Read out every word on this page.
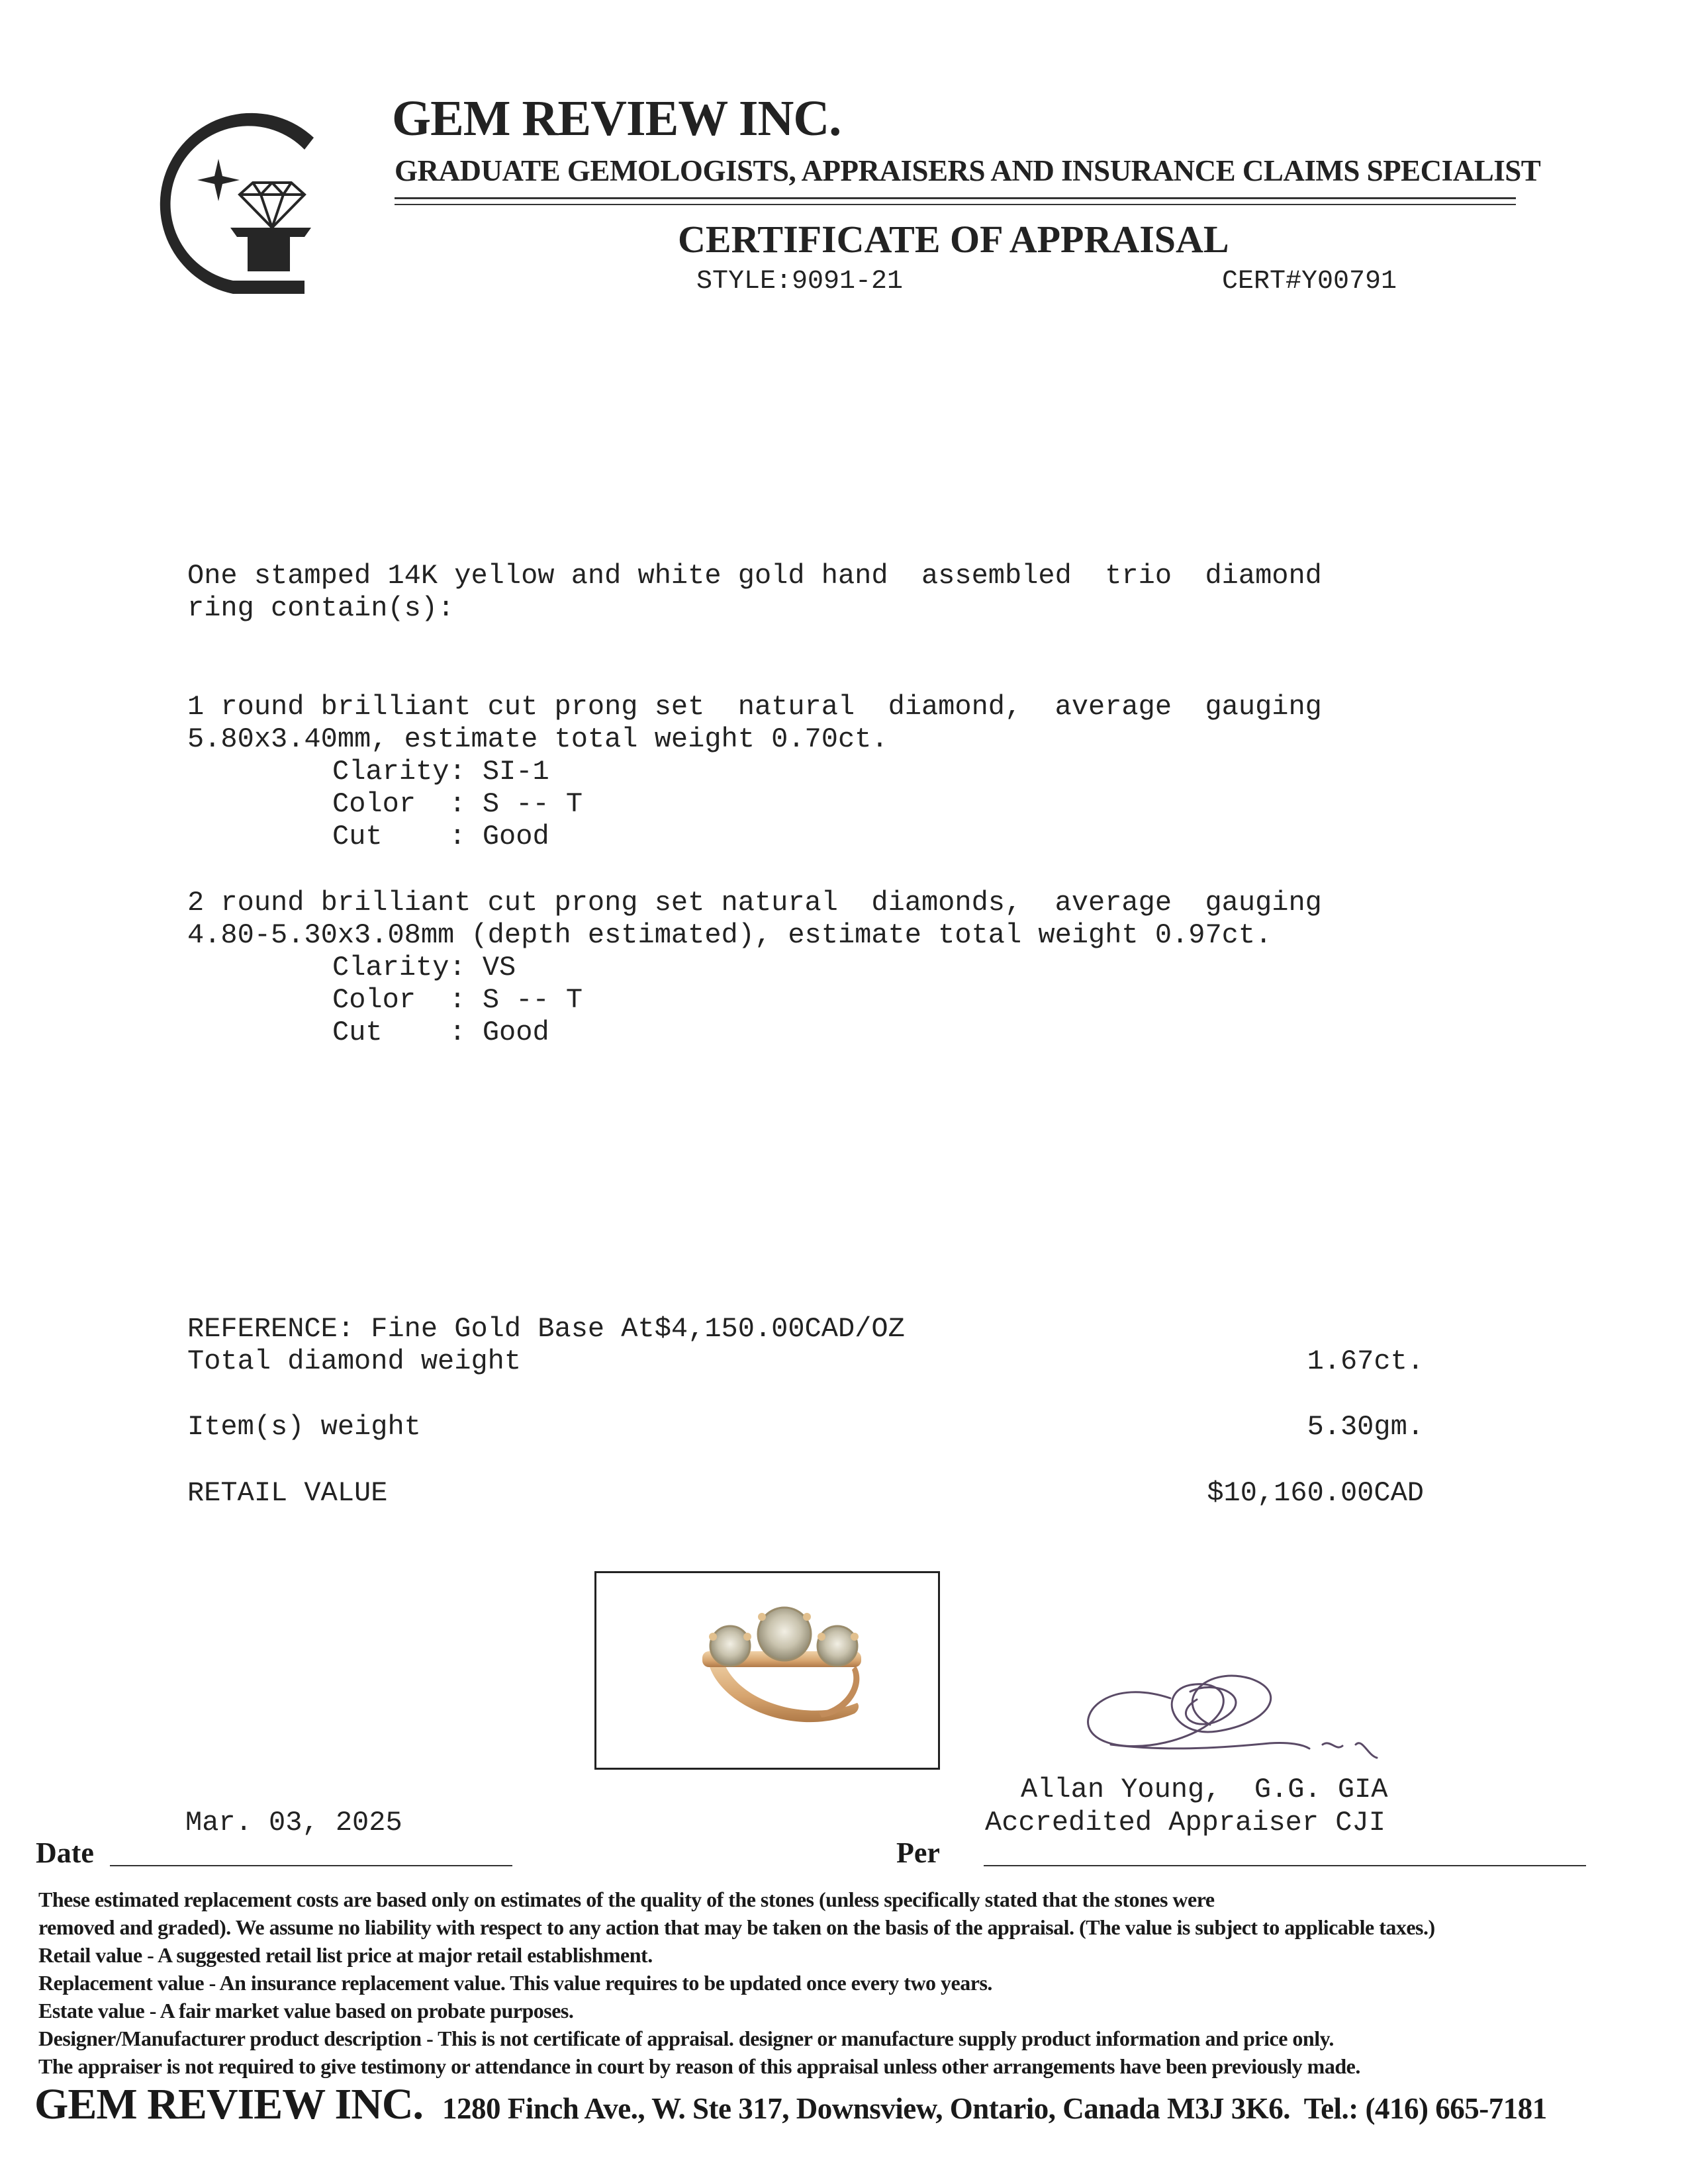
GEM REVIEW INC.
GRADUATE GEMOLOGISTS, APPRAISERS AND INSURANCE CLAIMS SPECIALIST
CERTIFICATE OF APPRAISAL
STYLE:9091-21	CERT#Y00791
One stamped 14K yellow and white gold hand  assembled  trio  diamond
ring contain(s):
1 round brilliant cut prong set  natural  diamond,  average  gauging
5.80x3.40mm, estimate total weight 0.70ct.
Clarity: SI-1
Color  : S -- T
Cut    : Good
2 round brilliant cut prong set natural  diamonds,  average  gauging
4.80-5.30x3.08mm (depth estimated), estimate total weight 0.97ct.
Clarity: VS
Color  : S -- T
Cut    : Good
REFERENCE: Fine Gold Base At$4,150.00CAD/OZ
Total diamond weight	1.67ct.
Item(s) weight	5.30gm.
RETAIL VALUE	$10,160.00CAD
Allan Young,  G.G. GIA
Accredited Appraiser CJI
Mar. 03, 2025
Date	Per
These estimated replacement costs are based only on estimates of the quality of the stones (unless specifically stated that the stones were
removed and graded). We assume no liability with respect to any action that may be taken on the basis of the appraisal. (The value is subject to applicable taxes.)
Retail value - A suggested retail list price at major retail establishment.
Replacement value - An insurance replacement value. This value requires to be updated once every two years.
Estate value - A fair market value based on probate purposes.
Designer/Manufacturer product description - This is not certificate of appraisal. designer or manufacture supply product information and price only.
The appraiser is not required to give testimony or attendance in court by reason of this appraisal unless other arrangements have been previously made.
GEM REVIEW INC. 1280 Finch Ave., W. Ste 317, Downsview, Ontario, Canada M3J 3K6.  Tel.: (416) 665-7181
